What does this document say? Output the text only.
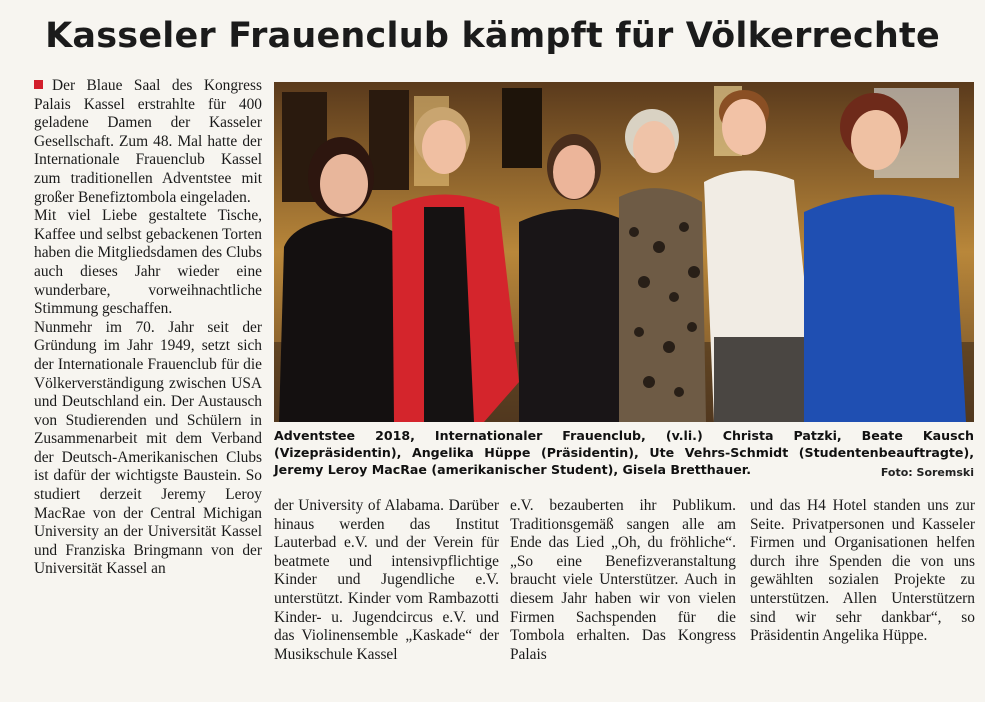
Kasseler Frauenclub kämpft für Völkerrechte

Der Blaue Saal des Kongress Palais Kassel erstrahlte für 400 geladene Damen der Kasseler Gesellschaft. Zum 48. Mal hatte der Internationale Frauenclub Kassel zum traditionellen Adventstee mit großer Benefiztombola eingeladen.

Mit viel Liebe gestaltete Tische, Kaffee und selbst gebackenen Torten haben die Mitgliedsdamen des Clubs auch dieses Jahr wieder eine wunderbare, vorweihnachtliche Stimmung geschaffen.

Nunmehr im 70. Jahr seit der Gründung im Jahr 1949, setzt sich der Internationale Frauenclub für die Völkerverständigung zwischen USA und Deutschland ein. Der Austausch von Studierenden und Schülern in Zusammenarbeit mit dem Verband der Deutsch-Amerikanischen Clubs ist dafür der wichtigste Baustein. So studiert derzeit Jeremy Leroy MacRae von der Central Michigan University an der Universität Kassel und Franziska Bringmann von der Universität Kassel an

Adventstee 2018, Internationaler Frauenclub, (v.li.) Christa Patzki, Beate Kausch (Vizepräsidentin), Angelika Hüppe (Präsidentin), Ute Vehrs-Schmidt (Studentenbeauftragte), Jeremy Leroy MacRae (amerikanischer Student), Gisela Bretthauer.	Foto: Soremski

der University of Alabama. Darüber hinaus werden das Institut Lauterbad e.V. und der Verein für beatmete und intensivpflichtige Kinder und Jugendliche e.V. unterstützt. Kinder vom Rambazotti Kinder- u. Jugendcircus e.V. und das Violinensemble „Kaskade“ der Musikschule Kassel

e.V. bezauberten ihr Publikum. Traditionsgemäß sangen alle am Ende das Lied „Oh, du fröhliche“. „So eine Benefizveranstaltung braucht viele Unterstützer. Auch in diesem Jahr haben wir von vielen Firmen Sachspenden für die Tombola erhalten. Das Kongress Palais

und das H4 Hotel standen uns zur Seite. Privatpersonen und Kasseler Firmen und Organisationen helfen durch ihre Spenden die von uns gewählten sozialen Projekte zu unterstützen. Allen Unterstützern sind wir sehr dankbar“, so Präsidentin Angelika Hüppe.
